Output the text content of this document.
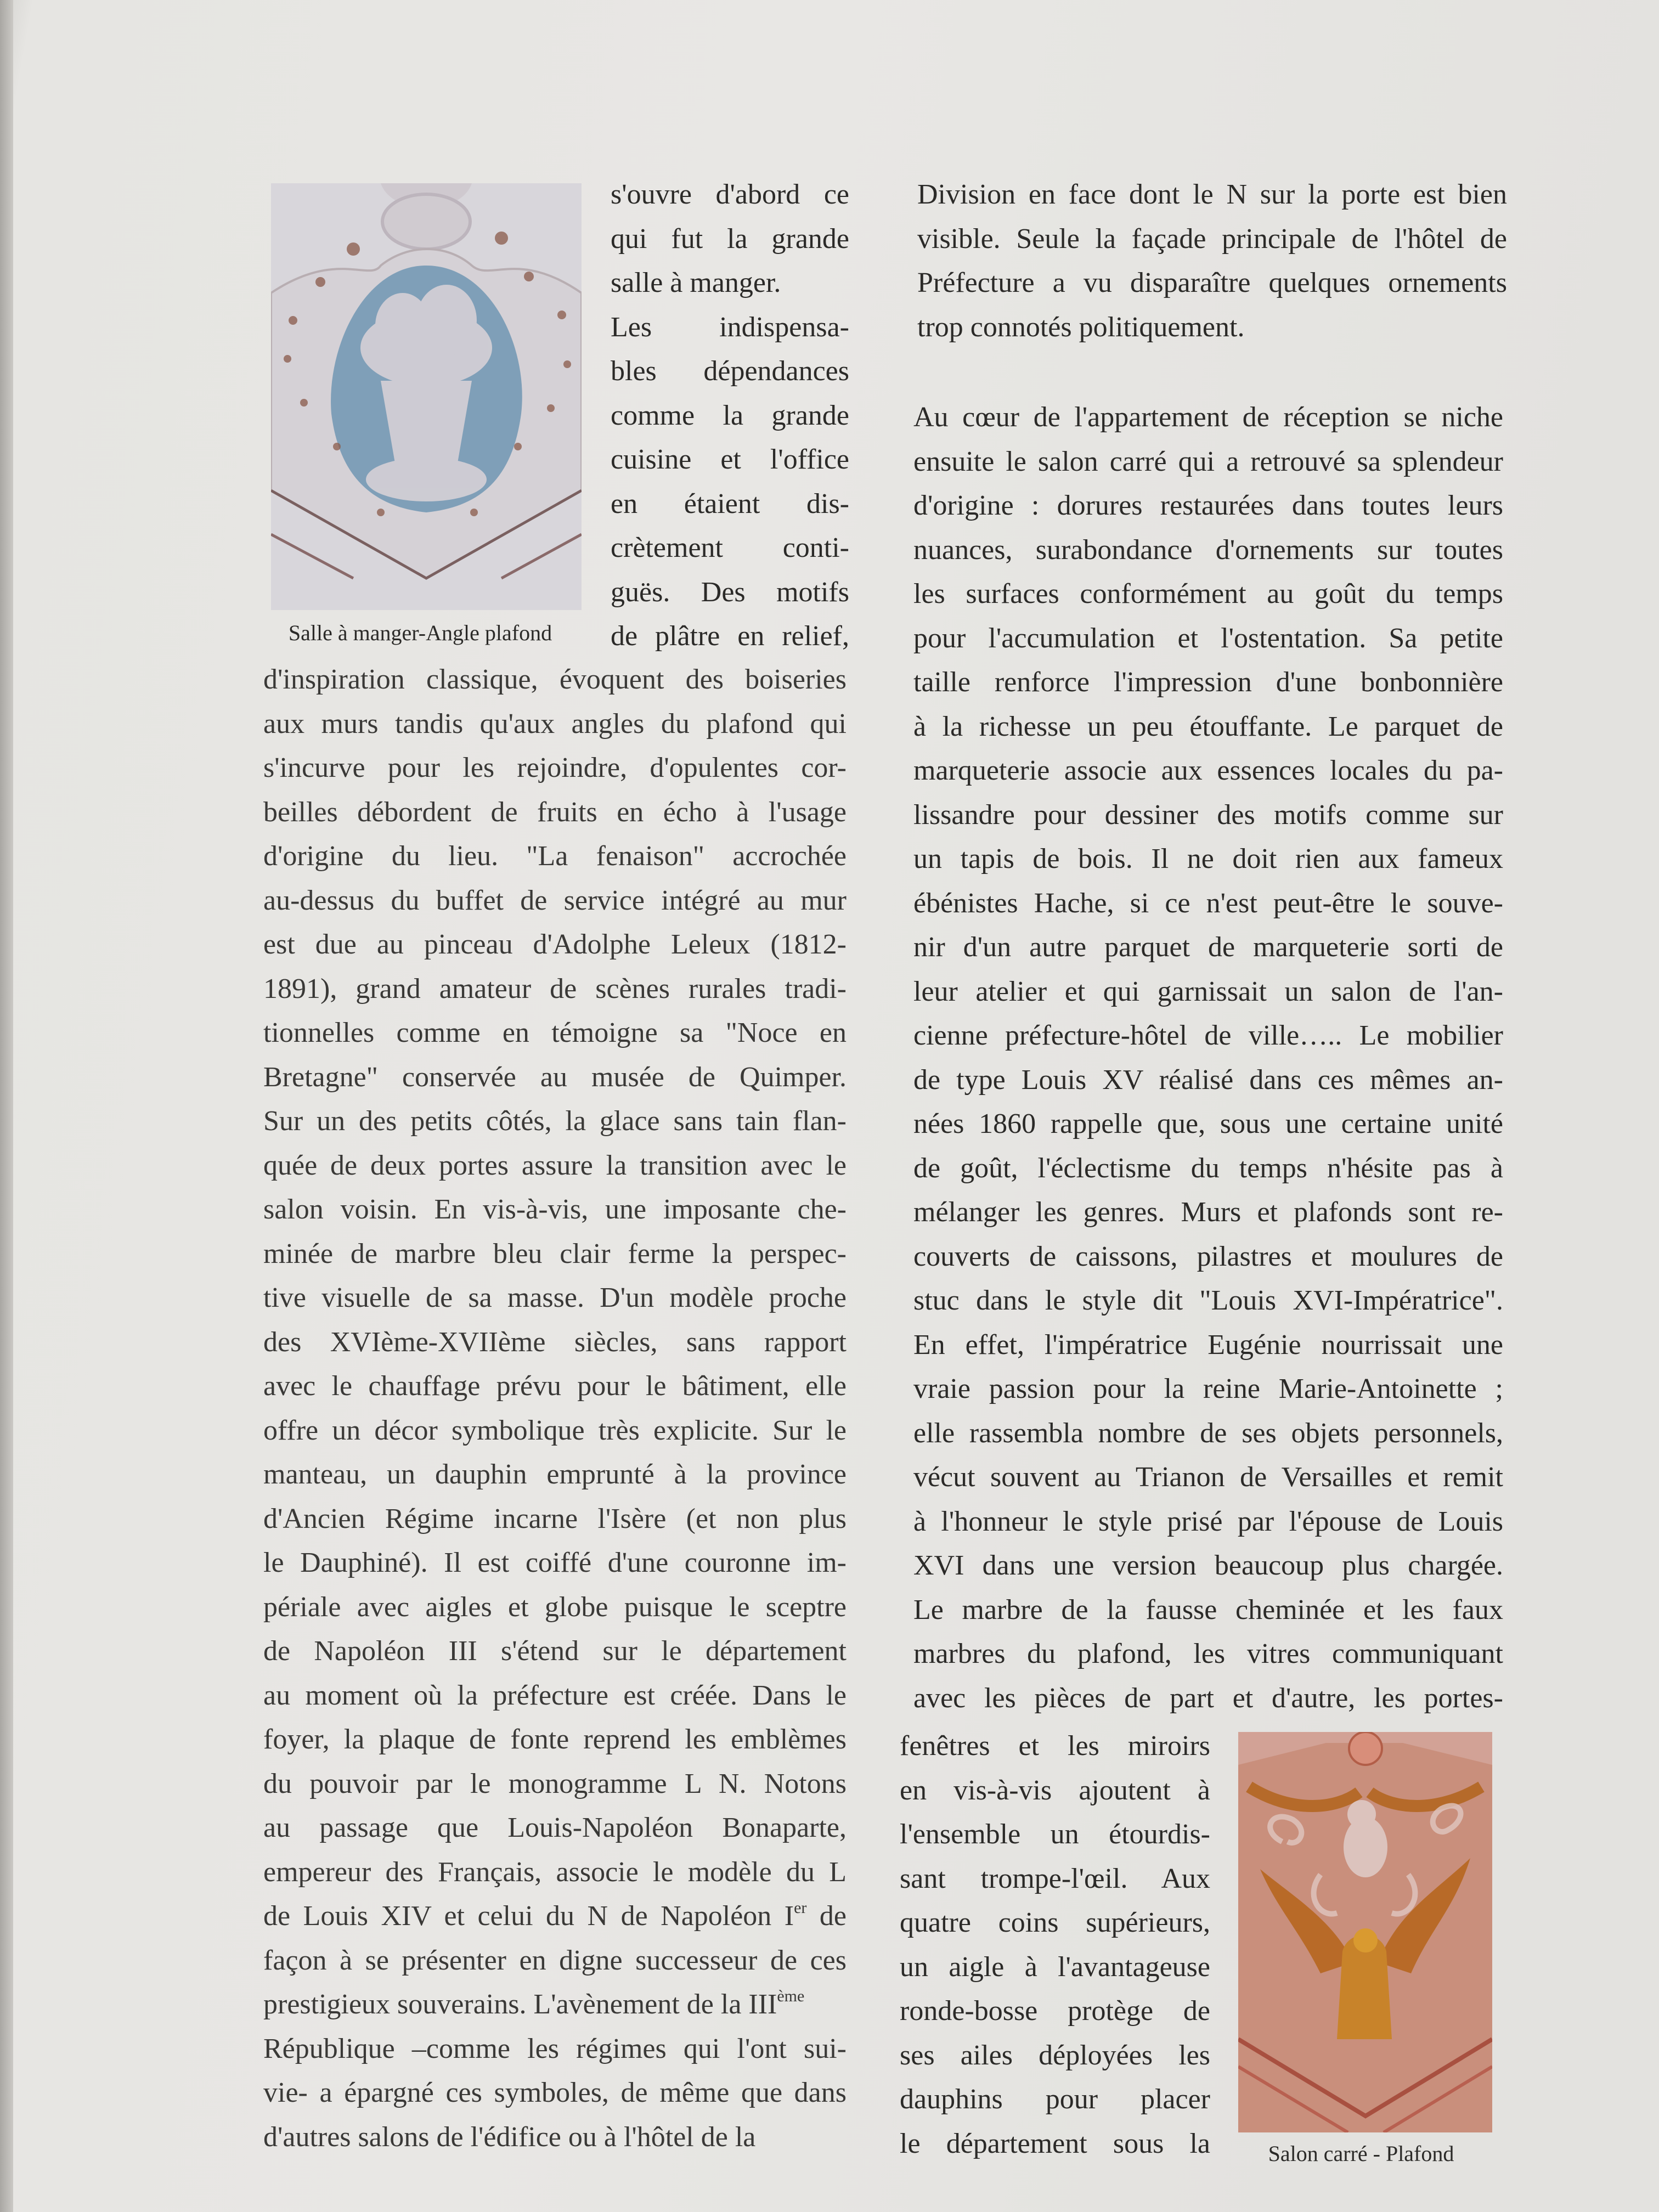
Salle à manger-Angle plafond
Salon carré - Plafond
s'ouvre d'abord ce
qui fut la grande
salle à manger.
Les indispensa-
bles dépendances
comme la grande
cuisine et l'office
en étaient dis-
crètement conti-
guës. Des motifs
de plâtre en relief,
d'inspiration classique, évoquent des boiseries
aux murs tandis qu'aux angles du plafond qui
s'incurve pour les rejoindre, d'opulentes cor-
beilles débordent de fruits en écho à l'usage
d'origine du lieu. "La fenaison" accrochée
au-dessus du buffet de service intégré au mur
est due au pinceau d'Adolphe Leleux (1812-
1891), grand amateur de scènes rurales tradi-
tionnelles comme en témoigne sa "Noce en
Bretagne" conservée au musée de Quimper.
Sur un des petits côtés, la glace sans tain flan-
quée de deux portes assure la transition avec le
salon voisin. En vis-à-vis, une imposante che-
minée de marbre bleu clair ferme la perspec-
tive visuelle de sa masse. D'un modèle proche
des XVIème-XVIIème siècles, sans rapport
avec le chauffage prévu pour le bâtiment, elle
offre un décor symbolique très explicite. Sur le
manteau, un dauphin emprunté à la province
d'Ancien Régime incarne l'Isère (et non plus
le Dauphiné). Il est coiffé d'une couronne im-
périale avec aigles et globe puisque le sceptre
de Napoléon III s'étend sur le département
au moment où la préfecture est créée. Dans le
foyer, la plaque de fonte reprend les emblèmes
du pouvoir par le monogramme L N. Notons
au passage que Louis-Napoléon Bonaparte,
empereur des Français, associe le modèle du L
de Louis XIV et celui du N de Napoléon Ier de
façon à se présenter en digne successeur de ces
prestigieux souverains. L'avènement de la IIIème
République –comme les régimes qui l'ont sui-
vie- a épargné ces symboles, de même que dans
d'autres salons de l'édifice ou à l'hôtel de la
Division en face dont le N sur la porte est bien
visible. Seule la façade principale de l'hôtel de
Préfecture a vu disparaître quelques ornements
trop connotés politiquement.
Au cœur de l'appartement de réception se niche
ensuite le salon carré qui a retrouvé sa splendeur
d'origine : dorures restaurées dans toutes leurs
nuances, surabondance d'ornements sur toutes
les surfaces conformément au goût du temps
pour l'accumulation et l'ostentation. Sa petite
taille renforce l'impression d'une bonbonnière
à la richesse un peu étouffante. Le parquet de
marqueterie associe aux essences locales du pa-
lissandre pour dessiner des motifs comme sur
un tapis de bois. Il ne doit rien aux fameux
ébénistes Hache, si ce n'est peut-être le souve-
nir d'un autre parquet de marqueterie sorti de
leur atelier et qui garnissait un salon de l'an-
cienne préfecture-hôtel de ville….. Le mobilier
de type Louis XV réalisé dans ces mêmes an-
nées 1860 rappelle que, sous une certaine unité
de goût, l'éclectisme du temps n'hésite pas à
mélanger les genres. Murs et plafonds sont re-
couverts de caissons, pilastres et moulures de
stuc dans le style dit "Louis XVI-Impératrice".
En effet, l'impératrice Eugénie nourrissait une
vraie passion pour la reine Marie-Antoinette ;
elle rassembla nombre de ses objets personnels,
vécut souvent au Trianon de Versailles et remit
à l'honneur le style prisé par l'épouse de Louis
XVI dans une version beaucoup plus chargée.
Le marbre de la fausse cheminée et les faux
marbres du plafond, les vitres communiquant
avec les pièces de part et d'autre, les portes-
fenêtres et les miroirs
en vis-à-vis ajoutent à
l'ensemble un étourdis-
sant trompe-l'œil. Aux
quatre coins supérieurs,
un aigle à l'avantageuse
ronde-bosse protège de
ses ailes déployées les
dauphins pour placer
le département sous la
